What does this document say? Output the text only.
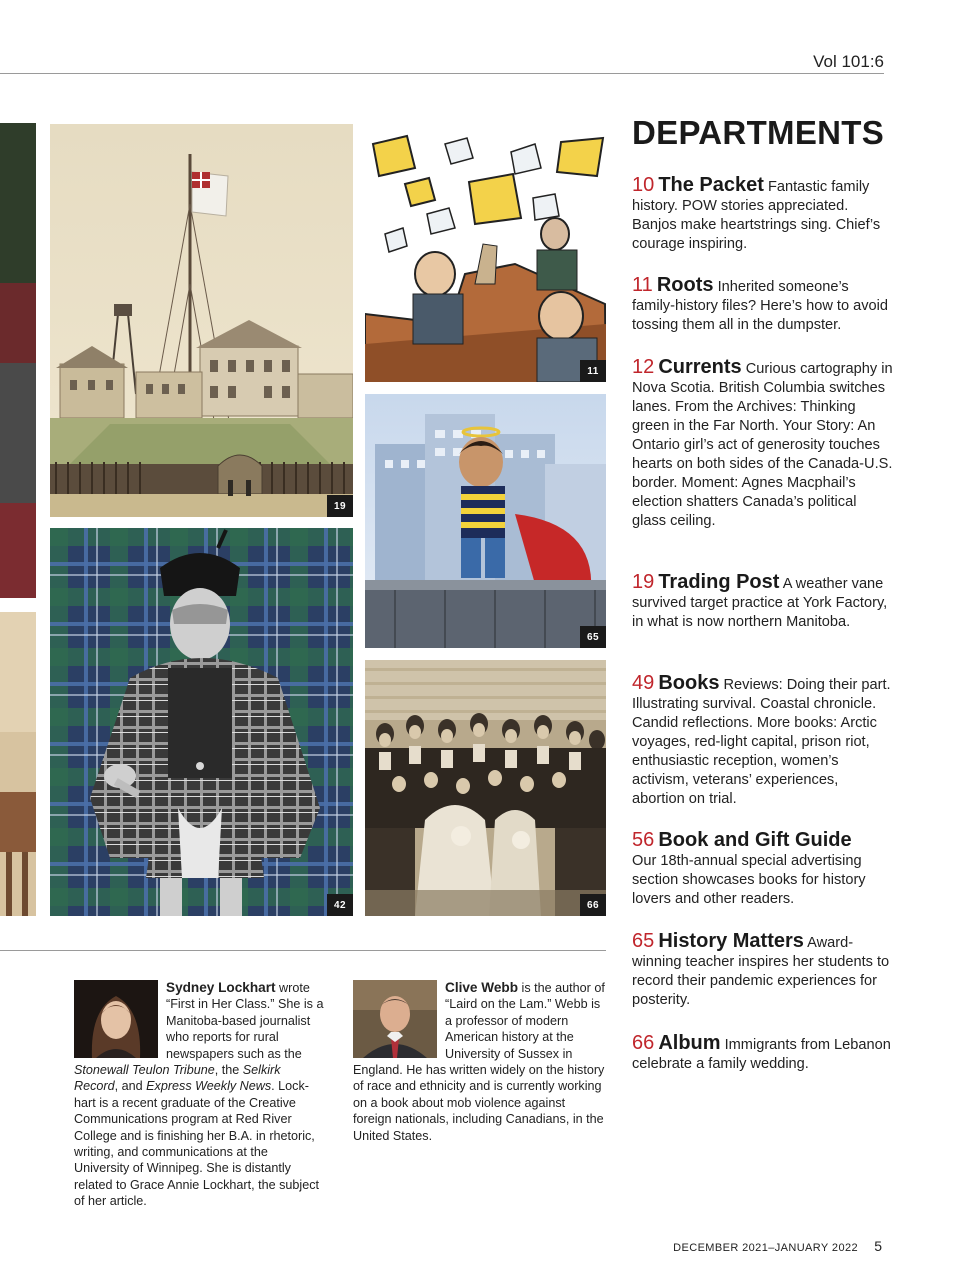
Vol 101:6
19
11
65
42	66
DEPARTMENTS
10 The Packet Fantastic family history. POW stories appreciated. Banjos make heartstrings sing. Chief’s courage inspiring.
11 Roots Inherited someone’s family-history files? Here’s how to avoid tossing them all in the dumpster.
12 Currents Curious cartography in Nova Scotia. British Columbia switches lanes. From the Archives: Thinking green in the Far North. Your Story: An Ontario girl’s act of generosity touches hearts on both sides of the Canada-U.S. border. Moment: Agnes Macphail’s election shatters Canada’s political glass ceiling.
19 Trading Post A weather vane survived target practice at York Factory, in what is now northern Manitoba.
49 Books Reviews: Doing their part. Illustrating survival. Coastal chronicle. Candid reflections. More books: Arctic voyages, red-light capital, prison riot, enthusiastic reception, women’s activism, veterans’ experiences, abortion on trial.
56 Book and Gift Guide
Our 18th-annual special advertising section showcases books for history lovers and other readers.
65 History Matters Award-winning teacher inspires her students to record their pandemic experiences for posterity.
66 Album Immigrants from Lebanon celebrate a family wedding.
Sydney Lockhart wrote “First in Her Class.” She is a Manitoba-based journalist who reports for rural newspapers such as the Stonewall Teulon Tribune, the Selkirk Record, and Express Weekly News. Lockhart is a recent graduate of the Creative Communications program at Red River College and is finishing her B.A. in rhetoric, writing, and communications at the University of Winnipeg. She is distantly related to Grace Annie Lockhart, the subject of her article.
Clive Webb is the author of “Laird on the Lam.” Webb is a professor of modern American history at the University of Sussex in England. He has written widely on the history of race and ethnicity and is currently working on a book about mob violence against foreign nationals, including Canadians, in the United States.
DECEMBER 2021–JANUARY 2022 5
